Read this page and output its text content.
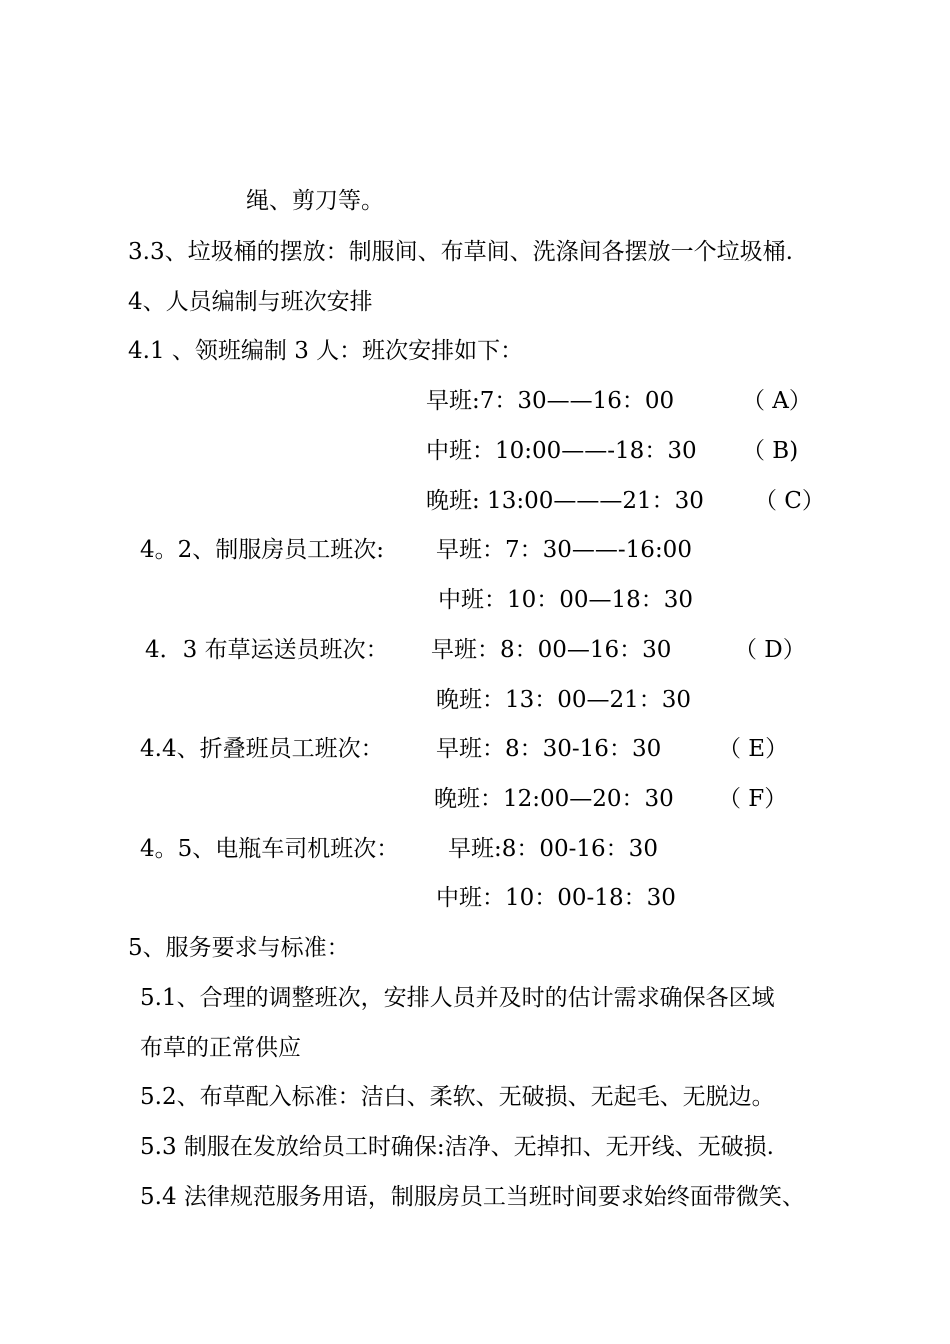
绳、剪刀等。
3.3、垃圾桶的摆放：制服间、布草间、洗涤间各摆放一个垃圾桶.
4、人员编制与班次安排
4.1 、领班编制 3 人：班次安排如下：
早班:7：30——16：00	（ A）
中班：10:00——-18：30 （ B)
晚班: 13:00———21：30 （ C）
4。2、制服房员工班次: 早班：7：30——-16:00
中班：10：00—18：30
4．3 布草运送员班次： 早班：8：00—16：30	（ D）
晚班：13：00—21：30
4.4、折叠班员工班次： 早班：8：30-16：30 （ E）
晚班：12:00—20：30 （ F）
4。5、电瓶车司机班次： 早班:8：00-16：30
中班：10：00-18：30
5、服务要求与标准：
5.1、合理的调整班次，安排人员并及时的估计需求确保各区域
布草的正常供应
5.2、布草配入标准：洁白、柔软、无破损、无起毛、无脱边。
5.3 制服在发放给员工时确保:洁净、无掉扣、无开线、无破损.
5.4 法律规范服务用语，制服房员工当班时间要求始终面带微笑、
